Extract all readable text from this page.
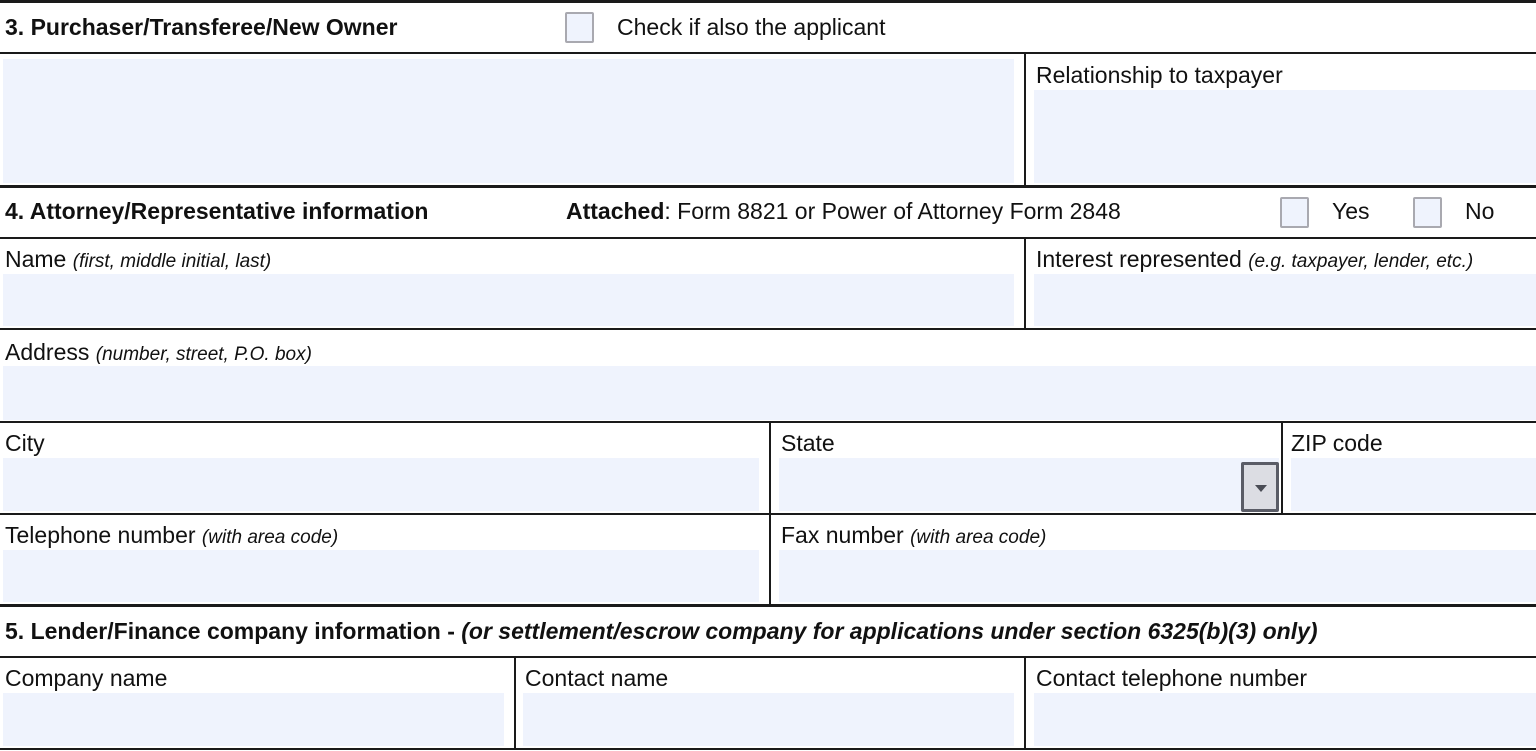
3. Purchaser/Transferee/New Owner	Check if also the applicant
Relationship to taxpayer
4. Attorney/Representative information	Attached: Form 8821 or Power of Attorney Form 2848	Yes	No
Name (first, middle initial, last)	Interest represented (e.g. taxpayer, lender, etc.)
Address (number, street, P.O. box)
City	State	ZIP code
Telephone number (with area code)	Fax number (with area code)
5. Lender/Finance company information - (or settlement/escrow company for applications under section 6325(b)(3) only)
Company name	Contact name	Contact telephone number
